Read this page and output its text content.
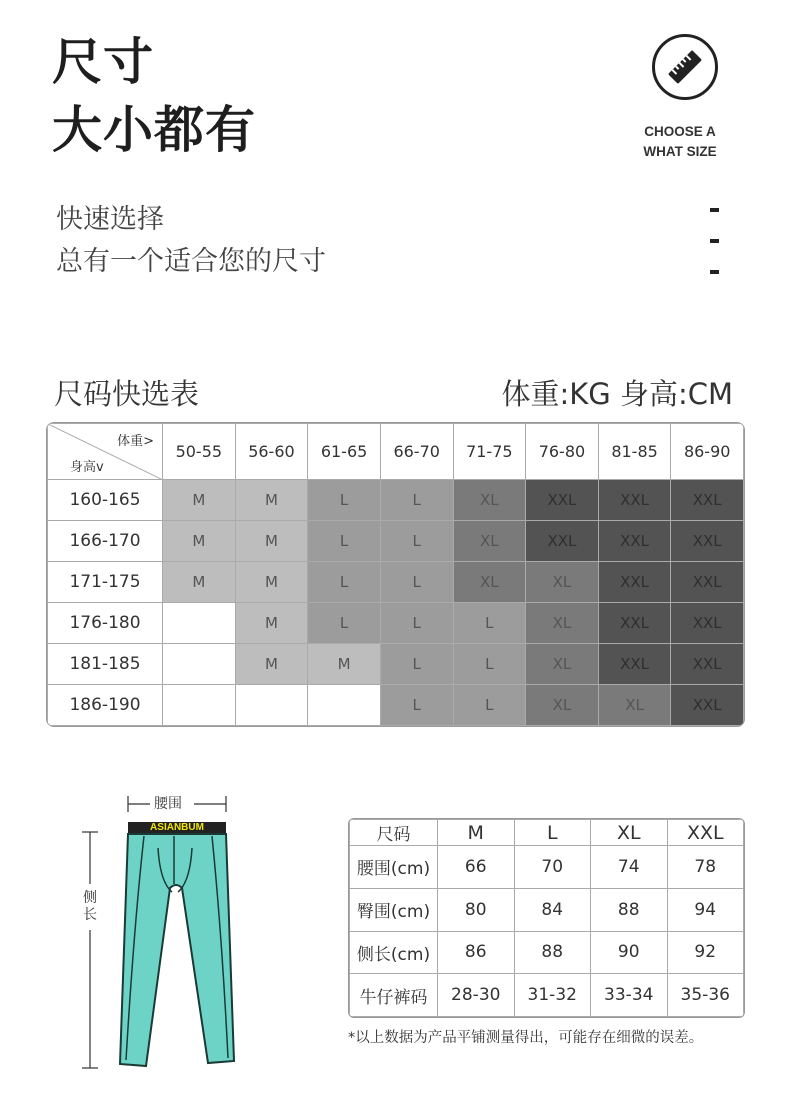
尺寸
大小都有	CHOOSE A
WHAT SIZE
快速选择
总有一个适合您的尺寸
尺码快选表	体重:KG 身高:CM
体重>
身高v	50-55	56-60	61-65	66-70	71-75	76-80	81-85	86-90
160-165	M	M	L	L	XL	XXL	XXL	XXL
166-170	M	M	L	L	XL	XXL	XXL	XXL
171-175	M	M	L	L	XL	XL	XXL	XXL
176-180		M	L	L	L	XL	XXL	XXL
181-185		M	M	L	L	XL	XXL	XXL
186-190				L	L	XL	XL	XXL
腰围
侧长
ASIANBUM	尺码	M	L	XL	XXL
腰围(cm)	66	70	74	78
臀围(cm)	80	84	88	94
侧长(cm)	86	88	90	92
牛仔裤码	28-30	31-32	33-34	35-36
*以上数据为产品平铺测量得出，可能存在细微的误差。
